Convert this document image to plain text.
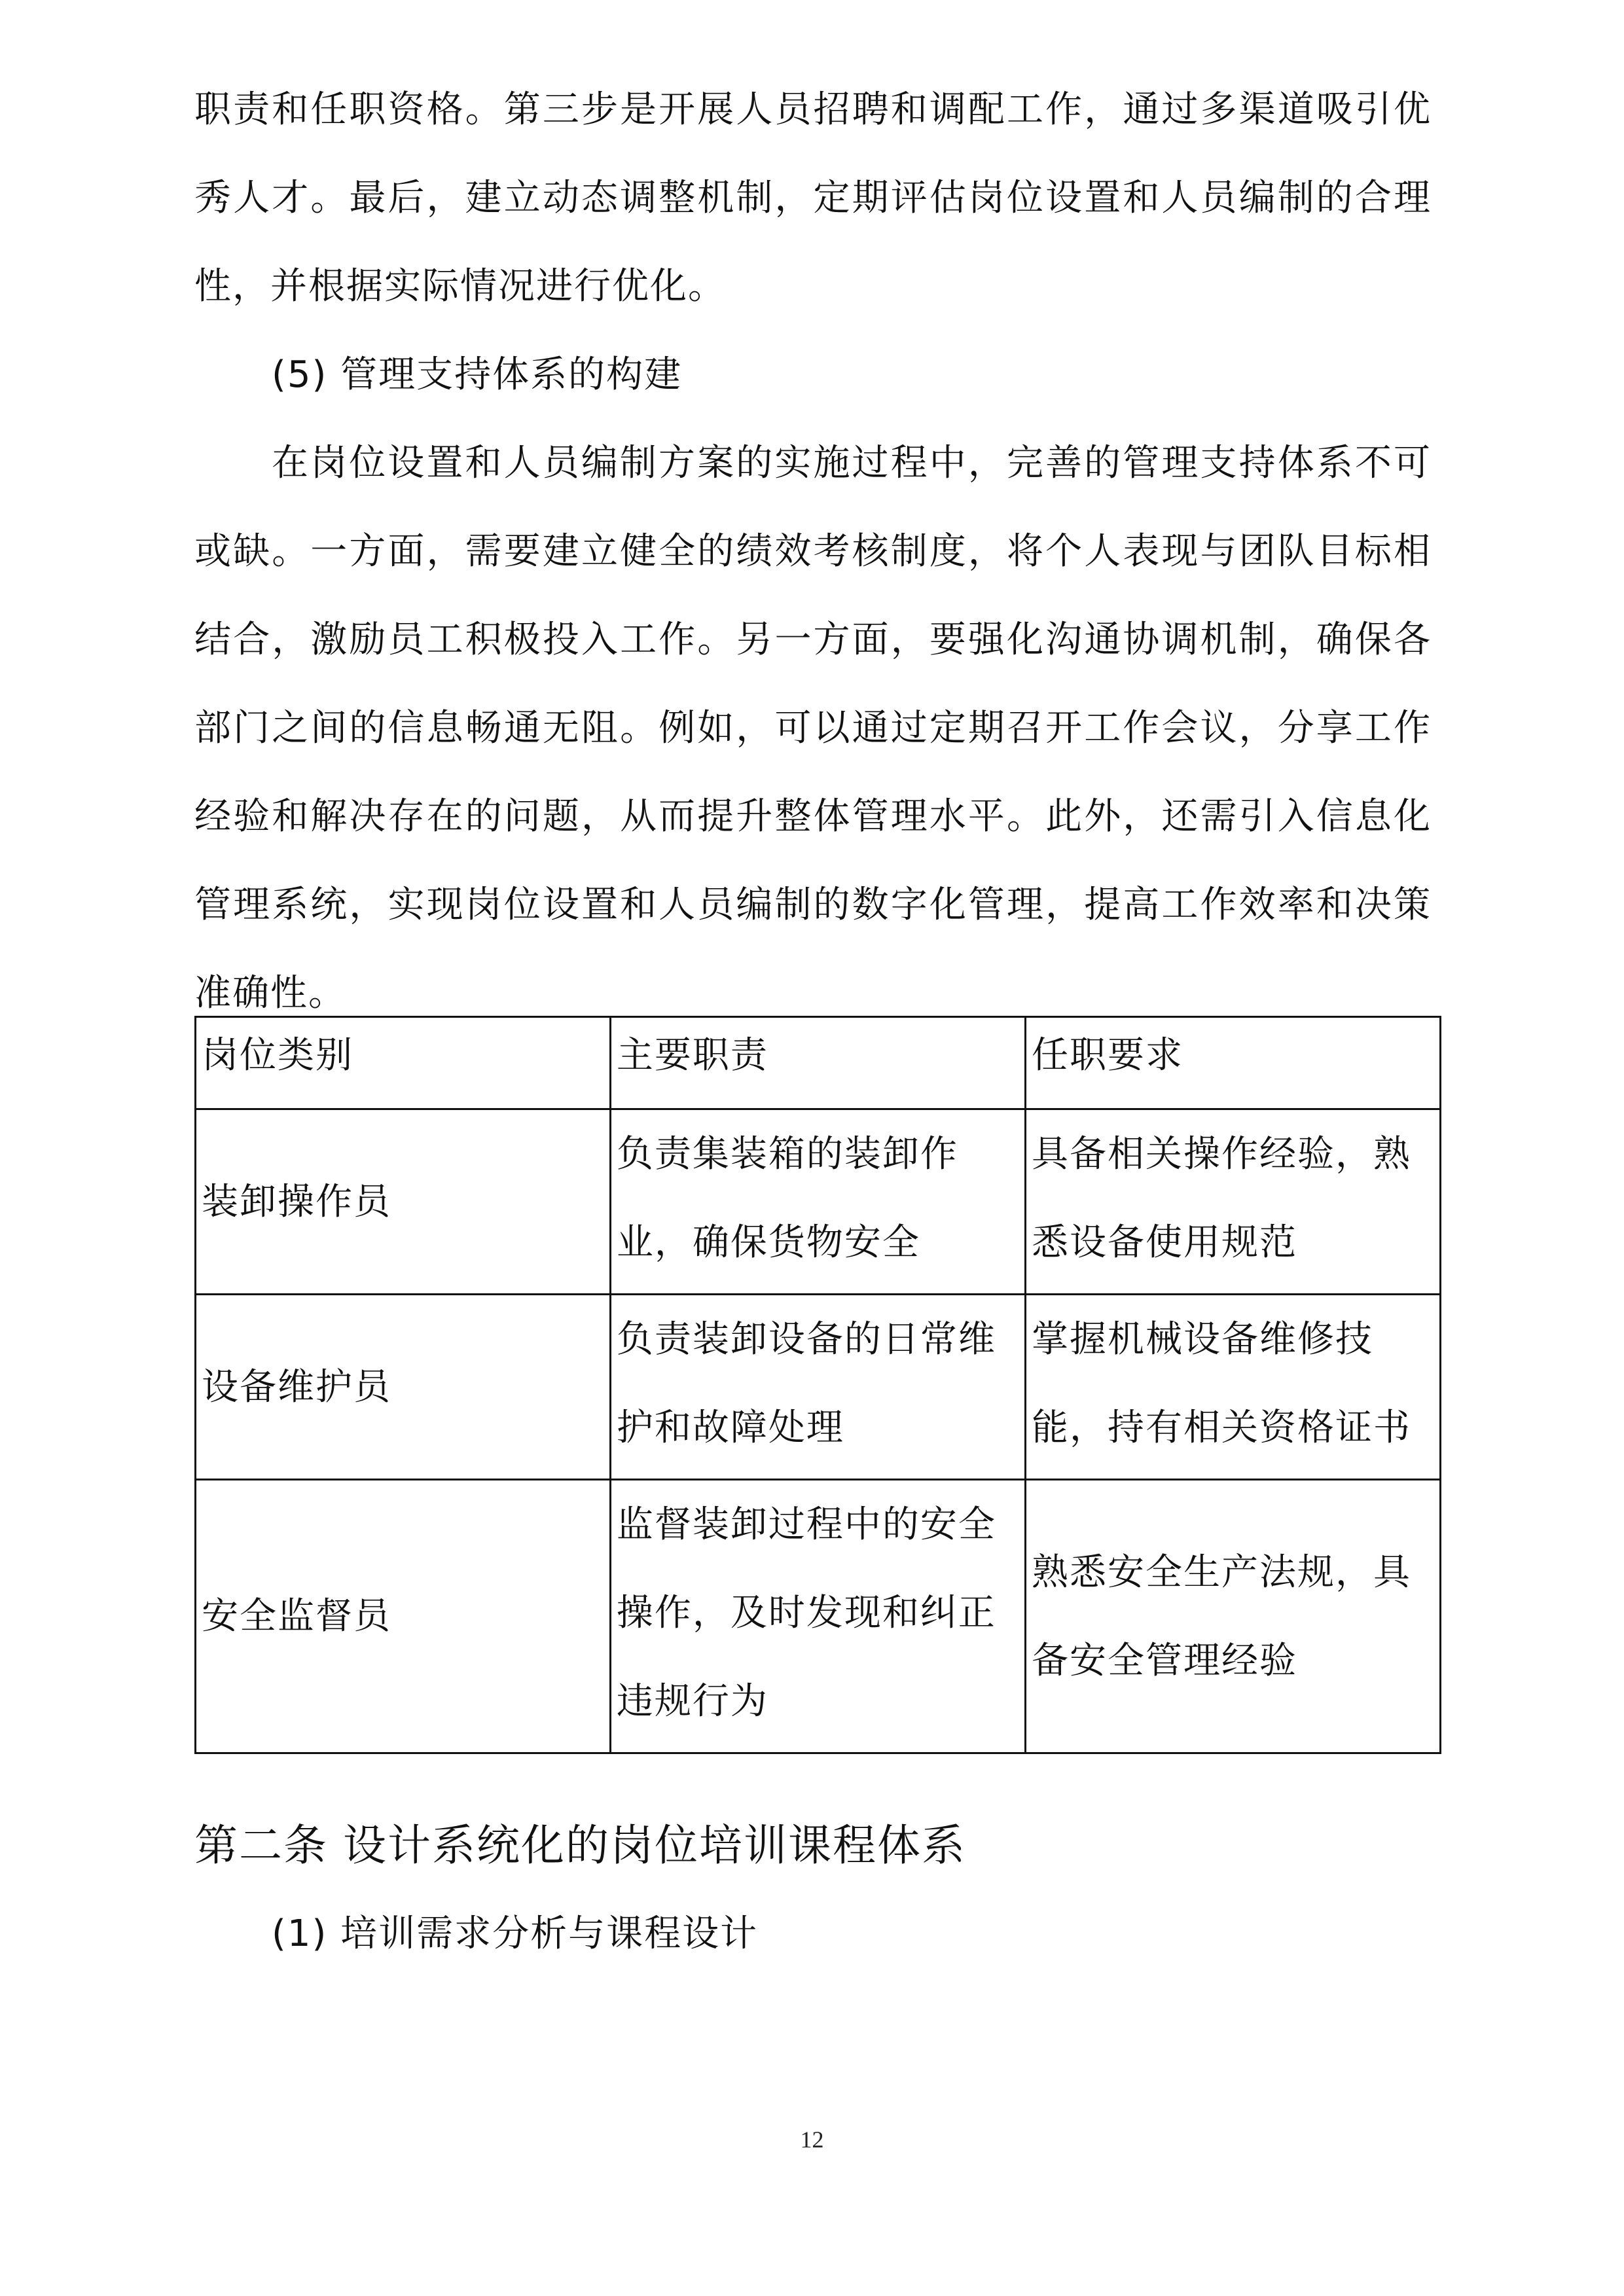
职责和任职资格。第三步是开展人员招聘和调配工作，通过多渠道吸引优秀人才。最后，建立动态调整机制，定期评估岗位设置和人员编制的合理性，并根据实际情况进行优化。

(5) 管理支持体系的构建

在岗位设置和人员编制方案的实施过程中，完善的管理支持体系不可或缺。一方面，需要建立健全的绩效考核制度，将个人表现与团队目标相结合，激励员工积极投入工作。另一方面，要强化沟通协调机制，确保各部门之间的信息畅通无阻。例如，可以通过定期召开工作会议，分享工作经验和解决存在的问题，从而提升整体管理水平。此外，还需引入信息化管理系统，实现岗位设置和人员编制的数字化管理，提高工作效率和决策准确性。

岗位类别	主要职责	任职要求
装卸操作员	负责集装箱的装卸作业，确保货物安全	具备相关操作经验，熟悉设备使用规范
设备维护员	负责装卸设备的日常维护和故障处理	掌握机械设备维修技能，持有相关资格证书
安全监督员	监督装卸过程中的安全操作，及时发现和纠正违规行为	熟悉安全生产法规，具备安全管理经验

第二条 设计系统化的岗位培训课程体系

(1) 培训需求分析与课程设计

12
